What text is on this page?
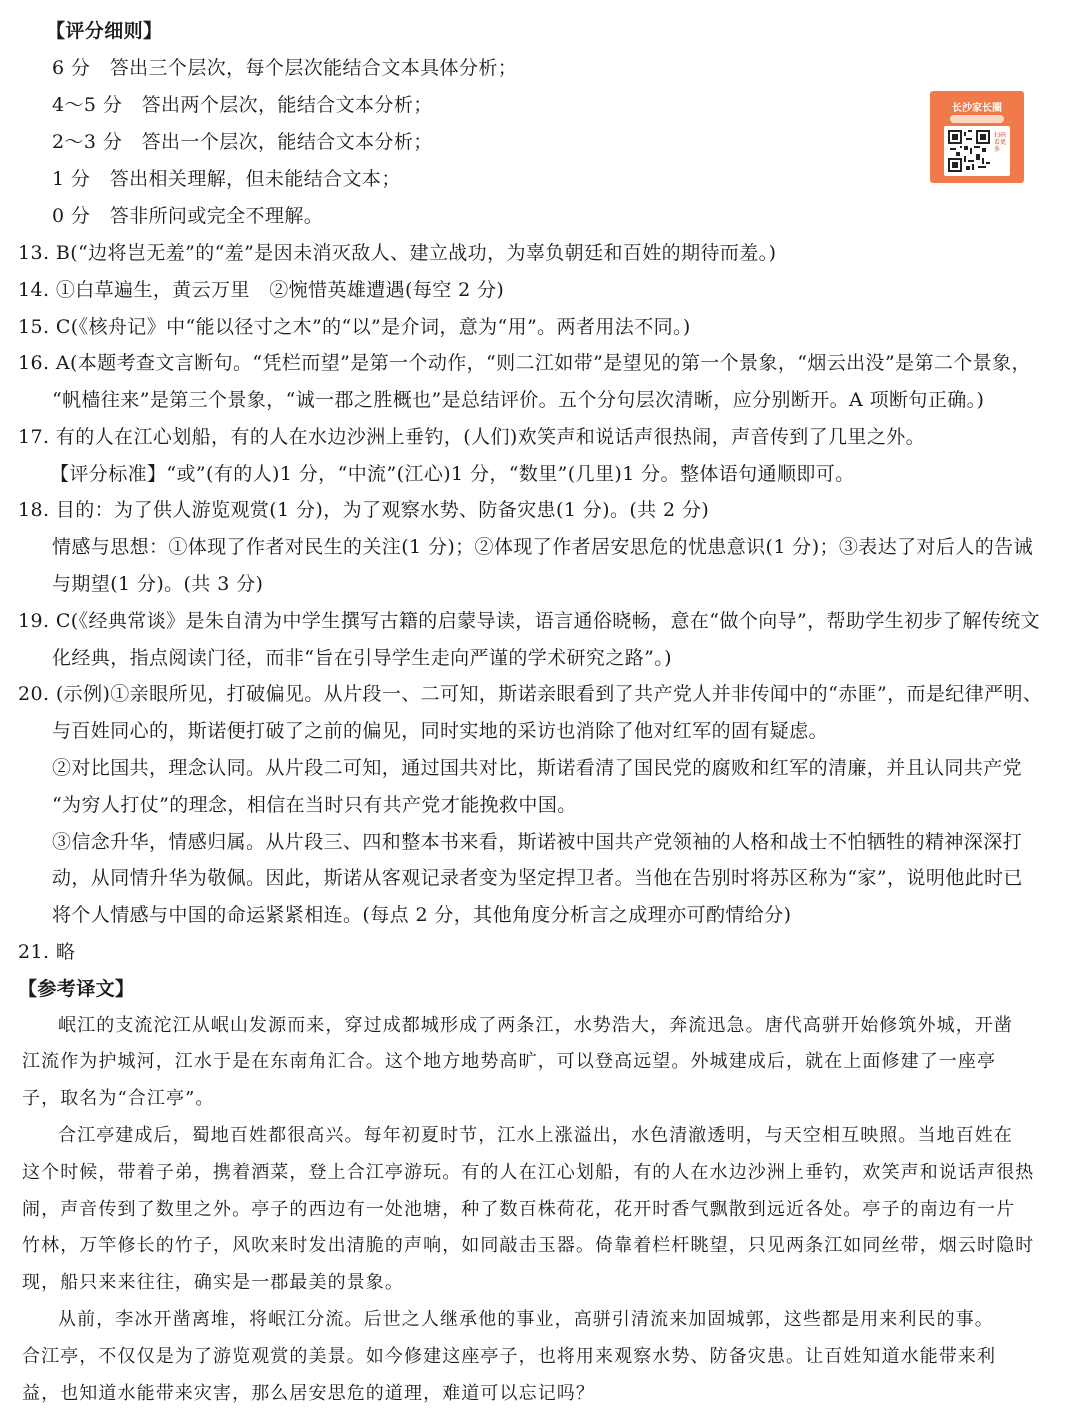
【评分细则】
6 分　答出三个层次，每个层次能结合文本具体分析；
4～5 分　答出两个层次，能结合文本分析；
2～3 分　答出一个层次，能结合文本分析；
1 分　答出相关理解，但未能结合文本；
0 分　答非所问或完全不理解。
长沙家长圈
扫码看更多
13. B(“边将岂无羞”的“羞”是因未消灭敌人、建立战功，为辜负朝廷和百姓的期待而羞。)
14. ①白草遍生，黄云万里　②惋惜英雄遭遇(每空 2 分)
15. C(《核舟记》中“能以径寸之木”的“以”是介词，意为“用”。两者用法不同。)
16. A(本题考查文言断句。“凭栏而望”是第一个动作，“则二江如带”是望见的第一个景象，“烟云出没”是第二个景象，
“帆樯往来”是第三个景象，“诚一郡之胜概也”是总结评价。五个分句层次清晰，应分别断开。A 项断句正确。)
17. 有的人在江心划船，有的人在水边沙洲上垂钓，(人们)欢笑声和说话声很热闹，声音传到了几里之外。
【评分标准】“或”(有的人)1 分，“中流”(江心)1 分，“数里”(几里)1 分。整体语句通顺即可。
18. 目的：为了供人游览观赏(1 分)，为了观察水势、防备灾患(1 分)。(共 2 分)
情感与思想：①体现了作者对民生的关注(1 分)；②体现了作者居安思危的忧患意识(1 分)；③表达了对后人的告诫
与期望(1 分)。(共 3 分)
19. C(《经典常谈》是朱自清为中学生撰写古籍的启蒙导读，语言通俗晓畅，意在“做个向导”，帮助学生初步了解传统文
化经典，指点阅读门径，而非“旨在引导学生走向严谨的学术研究之路”。)
20. (示例)①亲眼所见，打破偏见。从片段一、二可知，斯诺亲眼看到了共产党人并非传闻中的“赤匪”，而是纪律严明、
与百姓同心的，斯诺便打破了之前的偏见，同时实地的采访也消除了他对红军的固有疑虑。
②对比国共，理念认同。从片段二可知，通过国共对比，斯诺看清了国民党的腐败和红军的清廉，并且认同共产党
“为穷人打仗”的理念，相信在当时只有共产党才能挽救中国。
③信念升华，情感归属。从片段三、四和整本书来看，斯诺被中国共产党领袖的人格和战士不怕牺牲的精神深深打
动，从同情升华为敬佩。因此，斯诺从客观记录者变为坚定捍卫者。当他在告别时将苏区称为“家”，说明他此时已
将个人情感与中国的命运紧紧相连。(每点 2 分，其他角度分析言之成理亦可酌情给分)
21. 略
【参考译文】
岷江的支流沱江从岷山发源而来，穿过成都城形成了两条江，水势浩大，奔流迅急。唐代高骈开始修筑外城，开凿
江流作为护城河，江水于是在东南角汇合。这个地方地势高旷，可以登高远望。外城建成后，就在上面修建了一座亭
子，取名为“合江亭”。
合江亭建成后，蜀地百姓都很高兴。每年初夏时节，江水上涨溢出，水色清澈透明，与天空相互映照。当地百姓在
这个时候，带着子弟，携着酒菜，登上合江亭游玩。有的人在江心划船，有的人在水边沙洲上垂钓，欢笑声和说话声很热
闹，声音传到了数里之外。亭子的西边有一处池塘，种了数百株荷花，花开时香气飘散到远近各处。亭子的南边有一片
竹林，万竿修长的竹子，风吹来时发出清脆的声响，如同敲击玉器。倚靠着栏杆眺望，只见两条江如同丝带，烟云时隐时
现，船只来来往往，确实是一郡最美的景象。
从前，李冰开凿离堆，将岷江分流。后世之人继承他的事业，高骈引清流来加固城郭，这些都是用来利民的事。
合江亭，不仅仅是为了游览观赏的美景。如今修建这座亭子，也将用来观察水势、防备灾患。让百姓知道水能带来利
益，也知道水能带来灾害，那么居安思危的道理，难道可以忘记吗？
